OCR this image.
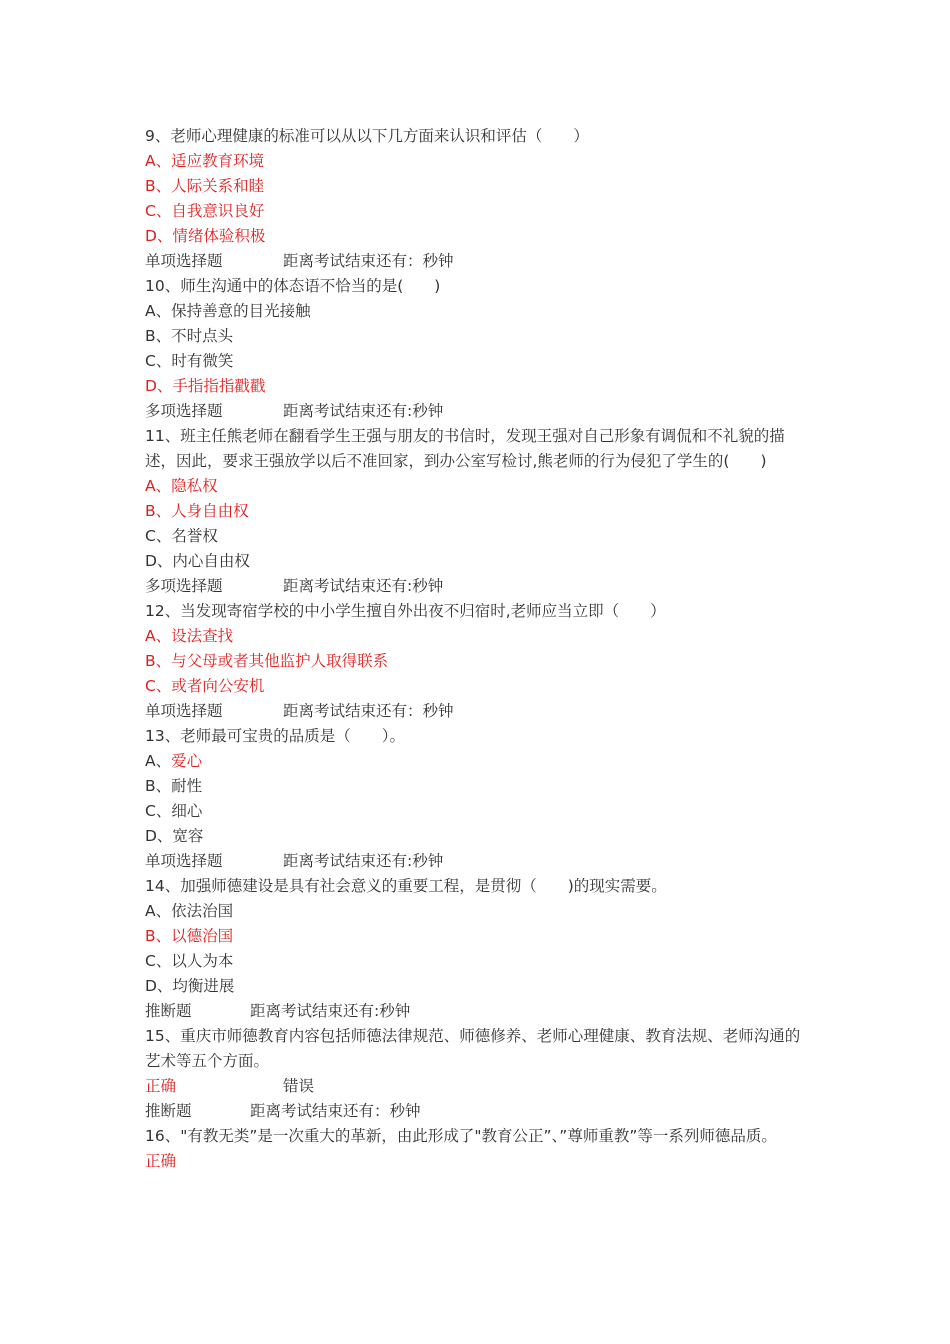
9、老师心理健康的标准可以从以下几方面来认识和评估（　　）
A、适应教育环境
B、人际关系和睦
C、自我意识良好
D、情绪体验积极
单项选择题	距离考试结束还有：秒钟
10、师生沟通中的体态语不恰当的是(　　)
A、保持善意的目光接触
B、不时点头
C、时有微笑
D、手指指指戳戳
多项选择题	距离考试结束还有:秒钟
11、班主任熊老师在翻看学生王强与朋友的书信时，发现王强对自己形象有调侃和不礼貌的描述，因此，要求王强放学以后不准回家，到办公室写检讨,熊老师的行为侵犯了学生的(　　)
A、隐私权
B、人身自由权
C、名誉权
D、内心自由权
多项选择题	距离考试结束还有:秒钟
12、当发现寄宿学校的中小学生擅自外出夜不归宿时,老师应当立即（　　）
A、设法查找
B、与父母或者其他监护人取得联系
C、或者向公安机
单项选择题	距离考试结束还有：秒钟
13、老师最可宝贵的品质是（　　）。
A、爱心
B、耐性
C、细心
D、宽容
单项选择题	距离考试结束还有:秒钟
14、加强师德建设是具有社会意义的重要工程，是贯彻（　　)的现实需要。
A、依法治国
B、以德治国
C、以人为本
D、均衡进展
推断题	距离考试结束还有:秒钟
15、重庆市师德教育内容包括师德法律规范、师德修养、老师心理健康、教育法规、老师沟通的艺术等五个方面。
正确	错误
推断题	距离考试结束还有：秒钟
16、"有教无类”是一次重大的革新，由此形成了"教育公正”、”尊师重教”等一系列师德品质。
正确
